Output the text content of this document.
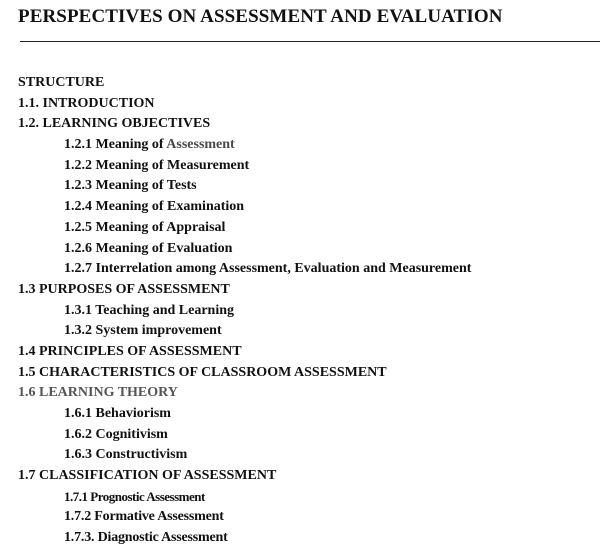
PERSPECTIVES ON ASSESSMENT AND EVALUATION
STRUCTURE
1.1. INTRODUCTION
1.2. LEARNING OBJECTIVES
1.2.1 Meaning of Assessment
1.2.2 Meaning of Measurement
1.2.3 Meaning of Tests
1.2.4 Meaning of Examination
1.2.5 Meaning of Appraisal
1.2.6 Meaning of Evaluation
1.2.7 Interrelation among Assessment, Evaluation and Measurement
1.3 PURPOSES OF ASSESSMENT
1.3.1 Teaching and Learning
1.3.2 System improvement
1.4 PRINCIPLES OF ASSESSMENT
1.5 CHARACTERISTICS OF CLASSROOM ASSESSMENT
1.6 LEARNING THEORY
1.6.1 Behaviorism
1.6.2 Cognitivism
1.6.3 Constructivism
1.7 CLASSIFICATION OF ASSESSMENT
1.7.1 Prognostic Assessment
1.7.2 Formative Assessment
1.7.3. Diagnostic Assessment
